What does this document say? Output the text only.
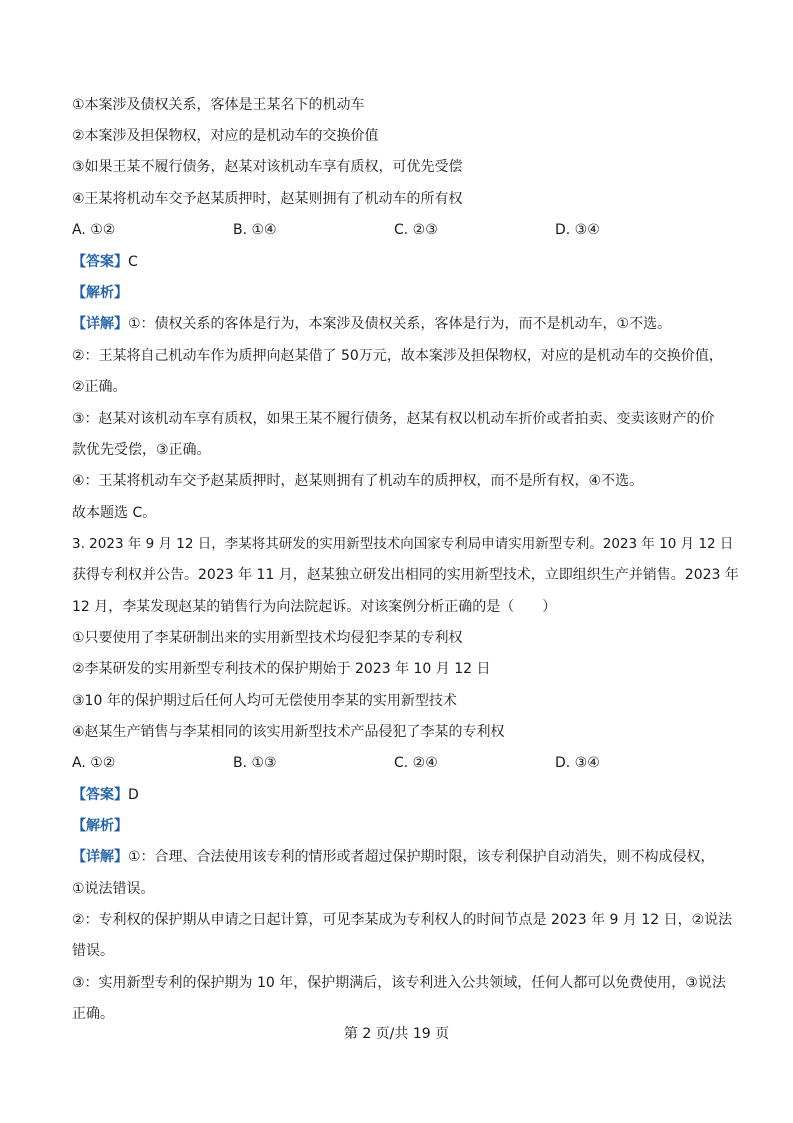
①本案涉及债权关系，客体是王某名下的机动车

②本案涉及担保物权，对应的是机动车的交换价值

③如果王某不履行债务，赵某对该机动车享有质权，可优先受偿

④王某将机动车交予赵某质押时，赵某则拥有了机动车的所有权

A. ①②	B. ①④	C. ②③	D. ③④

【答案】C

【解析】

【详解】①：债权关系的客体是行为，本案涉及债权关系，客体是行为，而不是机动车，①不选。

②：王某将自己机动车作为质押向赵某借了 50万元，故本案涉及担保物权，对应的是机动车的交换价值，

②正确。

③：赵某对该机动车享有质权，如果王某不履行债务，赵某有权以机动车折价或者拍卖、变卖该财产的价

款优先受偿，③正确。

④：王某将机动车交予赵某质押时，赵某则拥有了机动车的质押权，而不是所有权，④不选。

故本题选 C。

3. 2023 年 9 月 12 日，李某将其研发的实用新型技术向国家专利局申请实用新型专利。2023 年 10 月 12 日

获得专利权并公告。2023 年 11 月，赵某独立研发出相同的实用新型技术，立即组织生产并销售。2023 年

12 月，李某发现赵某的销售行为向法院起诉。对该案例分析正确的是（　　）

①只要使用了李某研制出来的实用新型技术均侵犯李某的专利权

②李某研发的实用新型专利技术的保护期始于 2023 年 10 月 12 日

③10 年的保护期过后任何人均可无偿使用李某的实用新型技术

④赵某生产销售与李某相同的该实用新型技术产品侵犯了李某的专利权

A. ①②	B. ①③	C. ②④	D. ③④

【答案】D

【解析】

【详解】①：合理、合法使用该专利的情形或者超过保护期时限，该专利保护自动消失，则不构成侵权，

①说法错误。

②：专利权的保护期从申请之日起计算，可见李某成为专利权人的时间节点是 2023 年 9 月 12 日，②说法

错误。

③：实用新型专利的保护期为 10 年，保护期满后，该专利进入公共领域，任何人都可以免费使用，③说法

正确。

第 2 页/共 19 页
